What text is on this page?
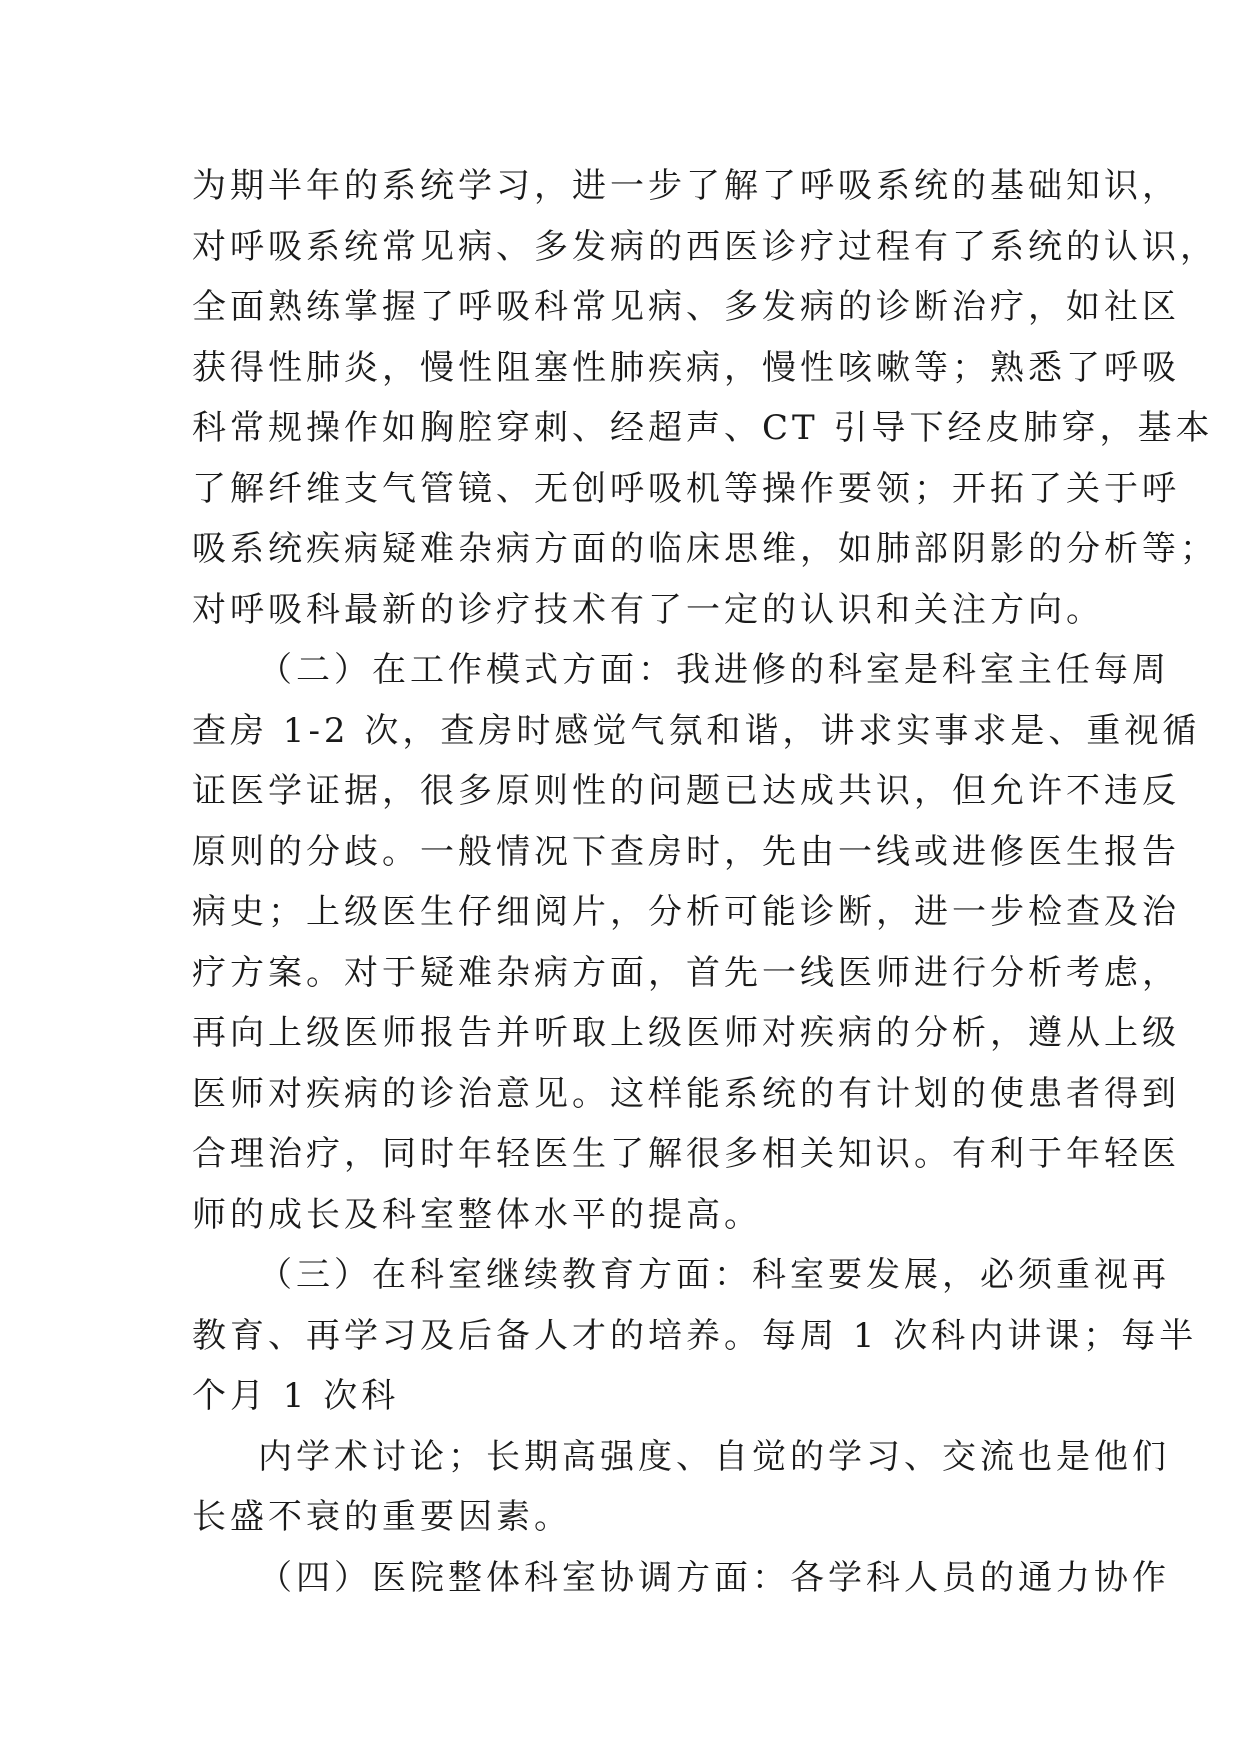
为期半年的系统学习，进一步了解了呼吸系统的基础知识，
对呼吸系统常见病、多发病的西医诊疗过程有了系统的认识，
全面熟练掌握了呼吸科常见病、多发病的诊断治疗，如社区
获得性肺炎，慢性阻塞性肺疾病，慢性咳嗽等；熟悉了呼吸
科常规操作如胸腔穿刺、经超声、CT 引导下经皮肺穿，基本
了解纤维支气管镜、无创呼吸机等操作要领；开拓了关于呼
吸系统疾病疑难杂病方面的临床思维，如肺部阴影的分析等；
对呼吸科最新的诊疗技术有了一定的认识和关注方向。
（二）在工作模式方面：我进修的科室是科室主任每周
查房 1-2 次，查房时感觉气氛和谐，讲求实事求是、重视循
证医学证据，很多原则性的问题已达成共识，但允许不违反
原则的分歧。一般情况下查房时，先由一线或进修医生报告
病史；上级医生仔细阅片，分析可能诊断，进一步检查及治
疗方案。对于疑难杂病方面，首先一线医师进行分析考虑，
再向上级医师报告并听取上级医师对疾病的分析，遵从上级
医师对疾病的诊治意见。这样能系统的有计划的使患者得到
合理治疗，同时年轻医生了解很多相关知识。有利于年轻医
师的成长及科室整体水平的提高。
（三）在科室继续教育方面：科室要发展，必须重视再
教育、再学习及后备人才的培养。每周 1 次科内讲课；每半
个月 1 次科
内学术讨论；长期高强度、自觉的学习、交流也是他们
长盛不衰的重要因素。
（四）医院整体科室协调方面：各学科人员的通力协作
